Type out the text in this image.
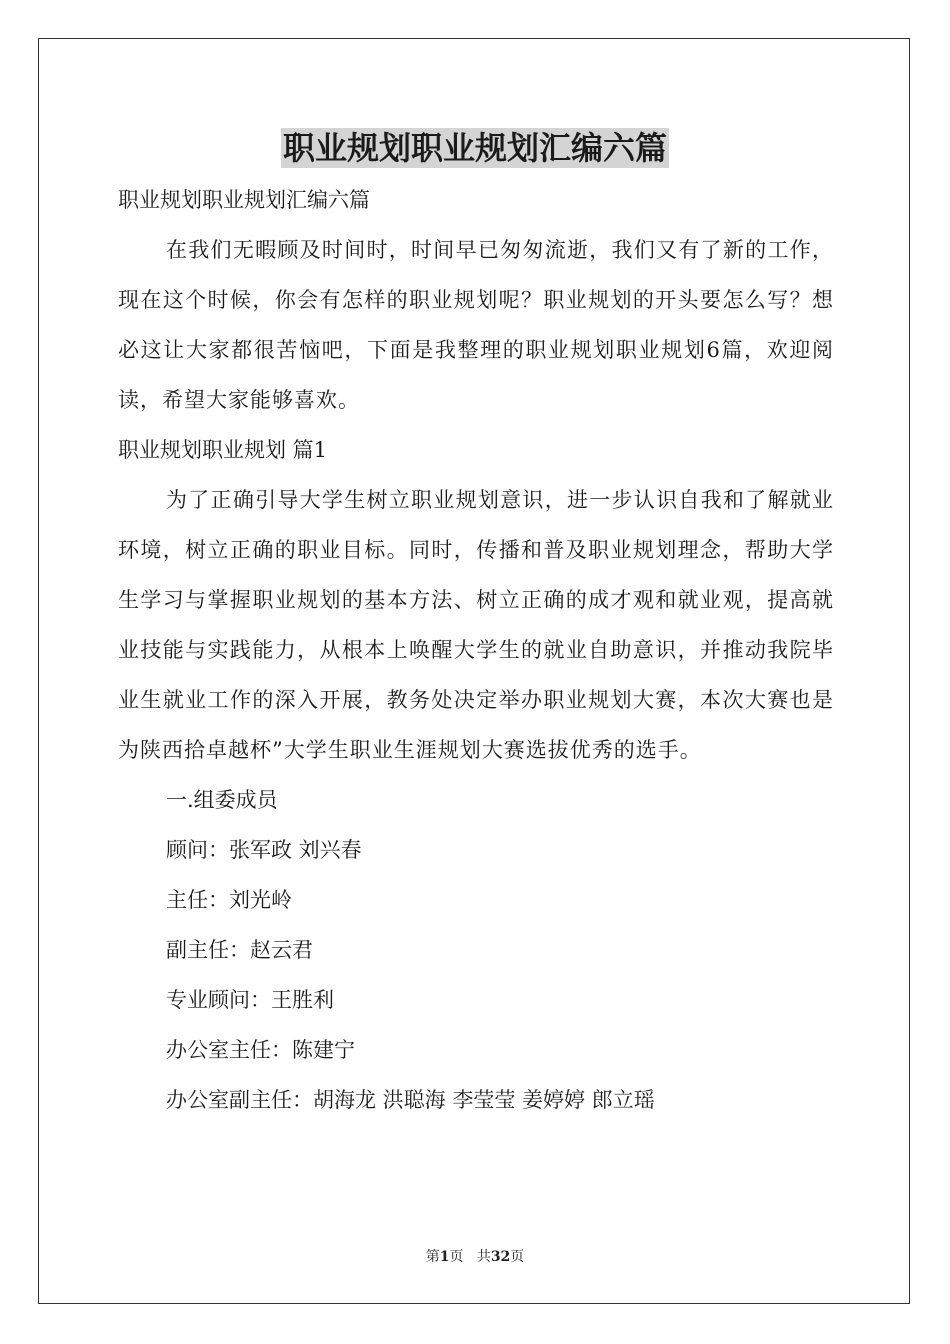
职业规划职业规划汇编六篇
职业规划职业规划汇编六篇
在我们无暇顾及时间时，时间早已匆匆流逝，我们又有了新的工作，现在这个时候，你会有怎样的职业规划呢？职业规划的开头要怎么写？想必这让大家都很苦恼吧，下面是我整理的职业规划职业规划6篇，欢迎阅读，希望大家能够喜欢。
职业规划职业规划 篇1
为了正确引导大学生树立职业规划意识，进一步认识自我和了解就业环境，树立正确的职业目标。同时，传播和普及职业规划理念，帮助大学生学习与掌握职业规划的基本方法、树立正确的成才观和就业观，提高就业技能与实践能力，从根本上唤醒大学生的就业自助意识，并推动我院毕业生就业工作的深入开展，教务处决定举办职业规划大赛，本次大赛也是为陕西拾卓越杯”大学生职业生涯规划大赛选拔优秀的选手。
一.组委成员
顾问：张军政 刘兴春
主任：刘光岭
副主任：赵云君
专业顾问：王胜利
办公室主任：陈建宁
办公室副主任：胡海龙 洪聪海 李莹莹 姜婷婷 郎立瑶
第1页 共32页
